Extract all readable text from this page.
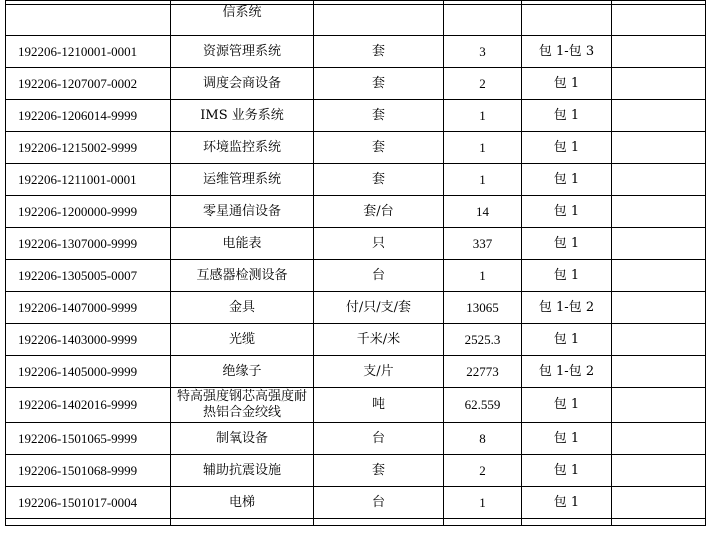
	信系统				
192206-1210001-0001	资源管理系统	套	3	包 1-包 3	
192206-1207007-0002	调度会商设备	套	2	包 1	
192206-1206014-9999	IMS 业务系统	套	1	包 1	
192206-1215002-9999	环境监控系统	套	1	包 1	
192206-1211001-0001	运维管理系统	套	1	包 1	
192206-1200000-9999	零星通信设备	套/台	14	包 1	
192206-1307000-9999	电能表	只	337	包 1	
192206-1305005-0007	互感器检测设备	台	1	包 1	
192206-1407000-9999	金具	付/只/支/套	13065	包 1-包 2	
192206-1403000-9999	光缆	千米/米	2525.3	包 1	
192206-1405000-9999	绝缘子	支/片	22773	包 1-包 2	
192206-1402016-9999	特高强度钢芯高强度耐热铝合金绞线	吨	62.559	包 1	
192206-1501065-9999	制氧设备	台	8	包 1	
192206-1501068-9999	辅助抗震设施	套	2	包 1	
192206-1501017-0004	电梯	台	1	包 1	
